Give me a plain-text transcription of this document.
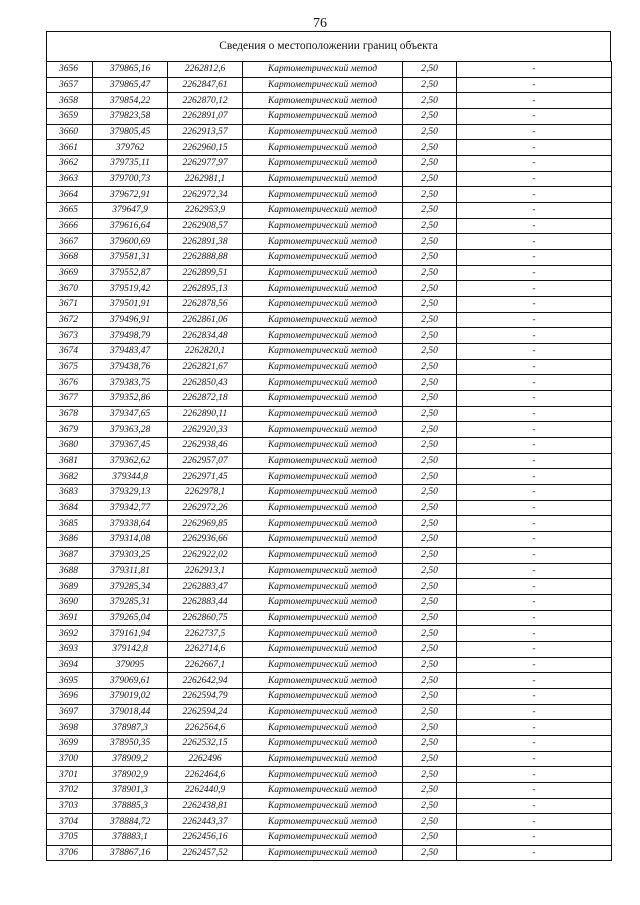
76
Сведения о местоположении границ объекта
3656	379865,16	2262812,6	Картометрический метод	2,50	-
3657	379865,47	2262847,61	Картометрический метод	2,50	-
3658	379854,22	2262870,12	Картометрический метод	2,50	-
3659	379823,58	2262891,07	Картометрический метод	2,50	-
3660	379805,45	2262913,57	Картометрический метод	2,50	-
3661	379762	2262960,15	Картометрический метод	2,50	-
3662	379735,11	2262977,97	Картометрический метод	2,50	-
3663	379700,73	2262981,1	Картометрический метод	2,50	-
3664	379672,91	2262972,34	Картометрический метод	2,50	-
3665	379647,9	2262953,9	Картометрический метод	2,50	-
3666	379616,64	2262908,57	Картометрический метод	2,50	-
3667	379600,69	2262891,38	Картометрический метод	2,50	-
3668	379581,31	2262888,88	Картометрический метод	2,50	-
3669	379552,87	2262899,51	Картометрический метод	2,50	-
3670	379519,42	2262895,13	Картометрический метод	2,50	-
3671	379501,91	2262878,56	Картометрический метод	2,50	-
3672	379496,91	2262861,06	Картометрический метод	2,50	-
3673	379498,79	2262834,48	Картометрический метод	2,50	-
3674	379483,47	2262820,1	Картометрический метод	2,50	-
3675	379438,76	2262821,67	Картометрический метод	2,50	-
3676	379383,75	2262850,43	Картометрический метод	2,50	-
3677	379352,86	2262872,18	Картометрический метод	2,50	-
3678	379347,65	2262890,11	Картометрический метод	2,50	-
3679	379363,28	2262920,33	Картометрический метод	2,50	-
3680	379367,45	2262938,46	Картометрический метод	2,50	-
3681	379362,62	2262957,07	Картометрический метод	2,50	-
3682	379344,8	2262971,45	Картометрический метод	2,50	-
3683	379329,13	2262978,1	Картометрический метод	2,50	-
3684	379342,77	2262972,26	Картометрический метод	2,50	-
3685	379338,64	2262969,85	Картометрический метод	2,50	-
3686	379314,08	2262936,66	Картометрический метод	2,50	-
3687	379303,25	2262922,02	Картометрический метод	2,50	-
3688	379311,81	2262913,1	Картометрический метод	2,50	-
3689	379285,34	2262883,47	Картометрический метод	2,50	-
3690	379285,31	2262883,44	Картометрический метод	2,50	-
3691	379265,04	2262860,75	Картометрический метод	2,50	-
3692	379161,94	2262737,5	Картометрический метод	2,50	-
3693	379142,8	2262714,6	Картометрический метод	2,50	-
3694	379095	2262667,1	Картометрический метод	2,50	-
3695	379069,61	2262642,94	Картометрический метод	2,50	-
3696	379019,02	2262594,79	Картометрический метод	2,50	-
3697	379018,44	2262594,24	Картометрический метод	2,50	-
3698	378987,3	2262564,6	Картометрический метод	2,50	-
3699	378950,35	2262532,15	Картометрический метод	2,50	-
3700	378909,2	2262496	Картометрический метод	2,50	-
3701	378902,9	2262464,6	Картометрический метод	2,50	-
3702	378901,3	2262440,9	Картометрический метод	2,50	-
3703	378885,3	2262438,81	Картометрический метод	2,50	-
3704	378884,72	2262443,37	Картометрический метод	2,50	-
3705	378883,1	2262456,16	Картометрический метод	2,50	-
3706	378867,16	2262457,52	Картометрический метод	2,50	-
